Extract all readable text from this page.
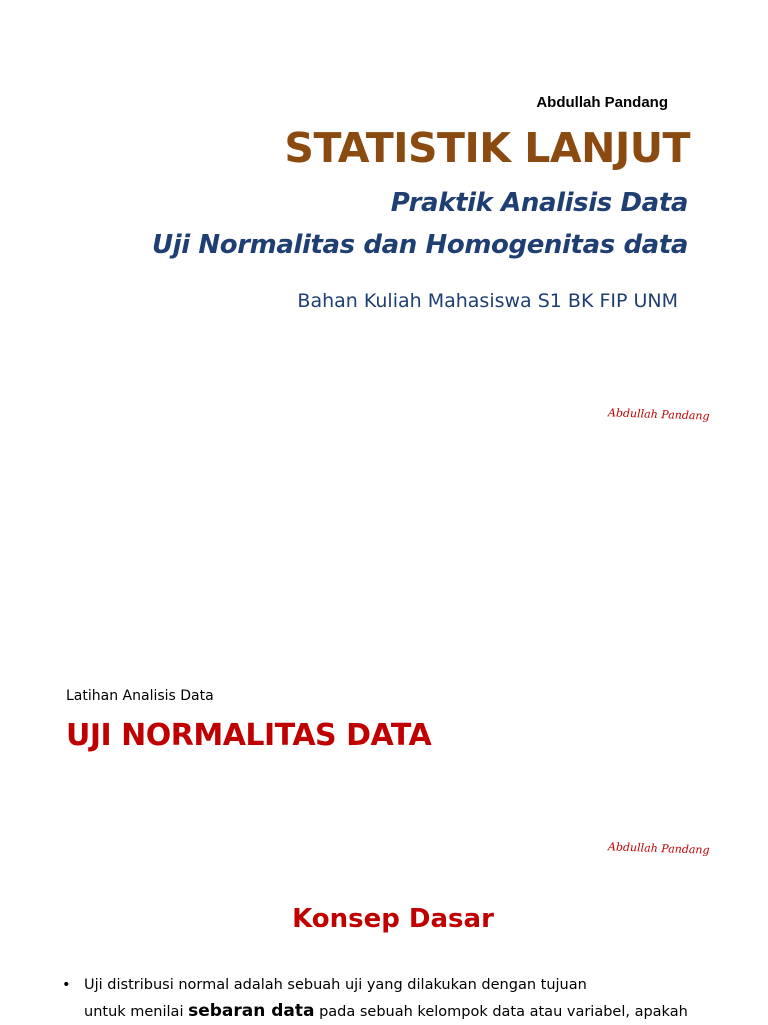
Abdullah Pandang
STATISTIK LANJUT
Praktik Analisis Data
Uji Normalitas dan Homogenitas data
Bahan Kuliah Mahasiswa S1 BK FIP UNM
Abdullah Pandang
Latihan Analisis Data
UJI NORMALITAS DATA
Abdullah Pandang
Konsep Dasar
• Uji distribusi normal adalah sebuah uji yang dilakukan dengan tujuan
untuk menilai sebaran data pada sebuah kelompok data atau variabel, apakah
